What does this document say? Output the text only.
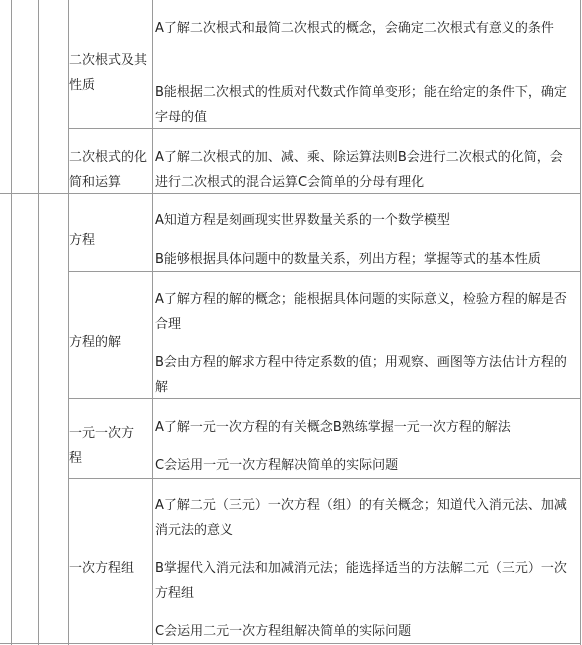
二次根式及其性质
A了解二次根式和最简二次根式的概念，会确定二次根式有意义的条件
B能根据二次根式的性质对代数式作简单变形；能在给定的条件下，确定字母的值
二次根式的化简和运算
A了解二次根式的加、减、乘、除运算法则B会进行二次根式的化简，会进行二次根式的混合运算C会简单的分母有理化
方程
A知道方程是刻画现实世界数量关系的一个数学模型
B能够根据具体问题中的数量关系，列出方程；掌握等式的基本性质
方程的解
A了解方程的解的概念；能根据具体问题的实际意义，检验方程的解是否合理
B会由方程的解求方程中待定系数的值；用观察、画图等方法估计方程的解
一元一次方程
A了解一元一次方程的有关概念B熟练掌握一元一次方程的解法
C会运用一元一次方程解决简单的实际问题
一次方程组
A了解二元（三元）一次方程（组）的有关概念；知道代入消元法、加减消元法的意义
B掌握代入消元法和加减消元法；能选择适当的方法解二元（三元）一次方程组
C会运用二元一次方程组解决简单的实际问题
